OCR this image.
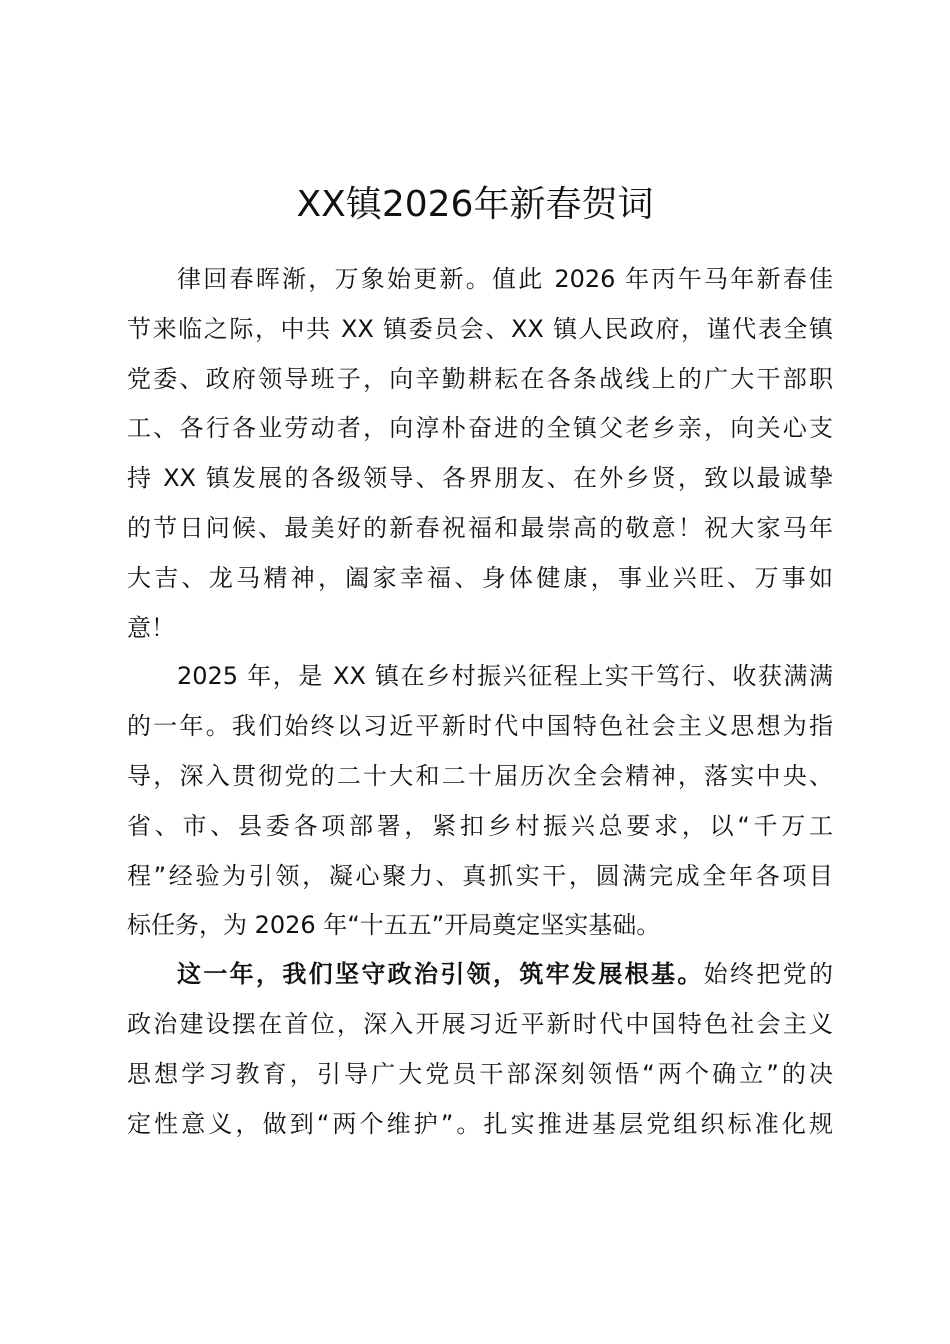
XX镇2026年新春贺词
律回春晖渐，万象始更新。值此 2026 年丙午马年新春佳
节来临之际，中共 XX 镇委员会、XX 镇人民政府，谨代表全镇
党委、政府领导班子，向辛勤耕耘在各条战线上的广大干部职
工、各行各业劳动者，向淳朴奋进的全镇父老乡亲，向关心支
持 XX 镇发展的各级领导、各界朋友、在外乡贤，致以最诚挚
的节日问候、最美好的新春祝福和最崇高的敬意！祝大家马年
大吉、龙马精神，阖家幸福、身体健康，事业兴旺、万事如
意！
2025 年，是 XX 镇在乡村振兴征程上实干笃行、收获满满
的一年。我们始终以习近平新时代中国特色社会主义思想为指
导，深入贯彻党的二十大和二十届历次全会精神，落实中央、
省、市、县委各项部署，紧扣乡村振兴总要求，以“千万工
程”经验为引领，凝心聚力、真抓实干，圆满完成全年各项目
标任务，为 2026 年“十五五”开局奠定坚实基础。
这一年，我们坚守政治引领，筑牢发展根基。始终把党的
政治建设摆在首位，深入开展习近平新时代中国特色社会主义
思想学习教育，引导广大党员干部深刻领悟“两个确立”的决
定性意义，做到“两个维护”。扎实推进基层党组织标准化规
